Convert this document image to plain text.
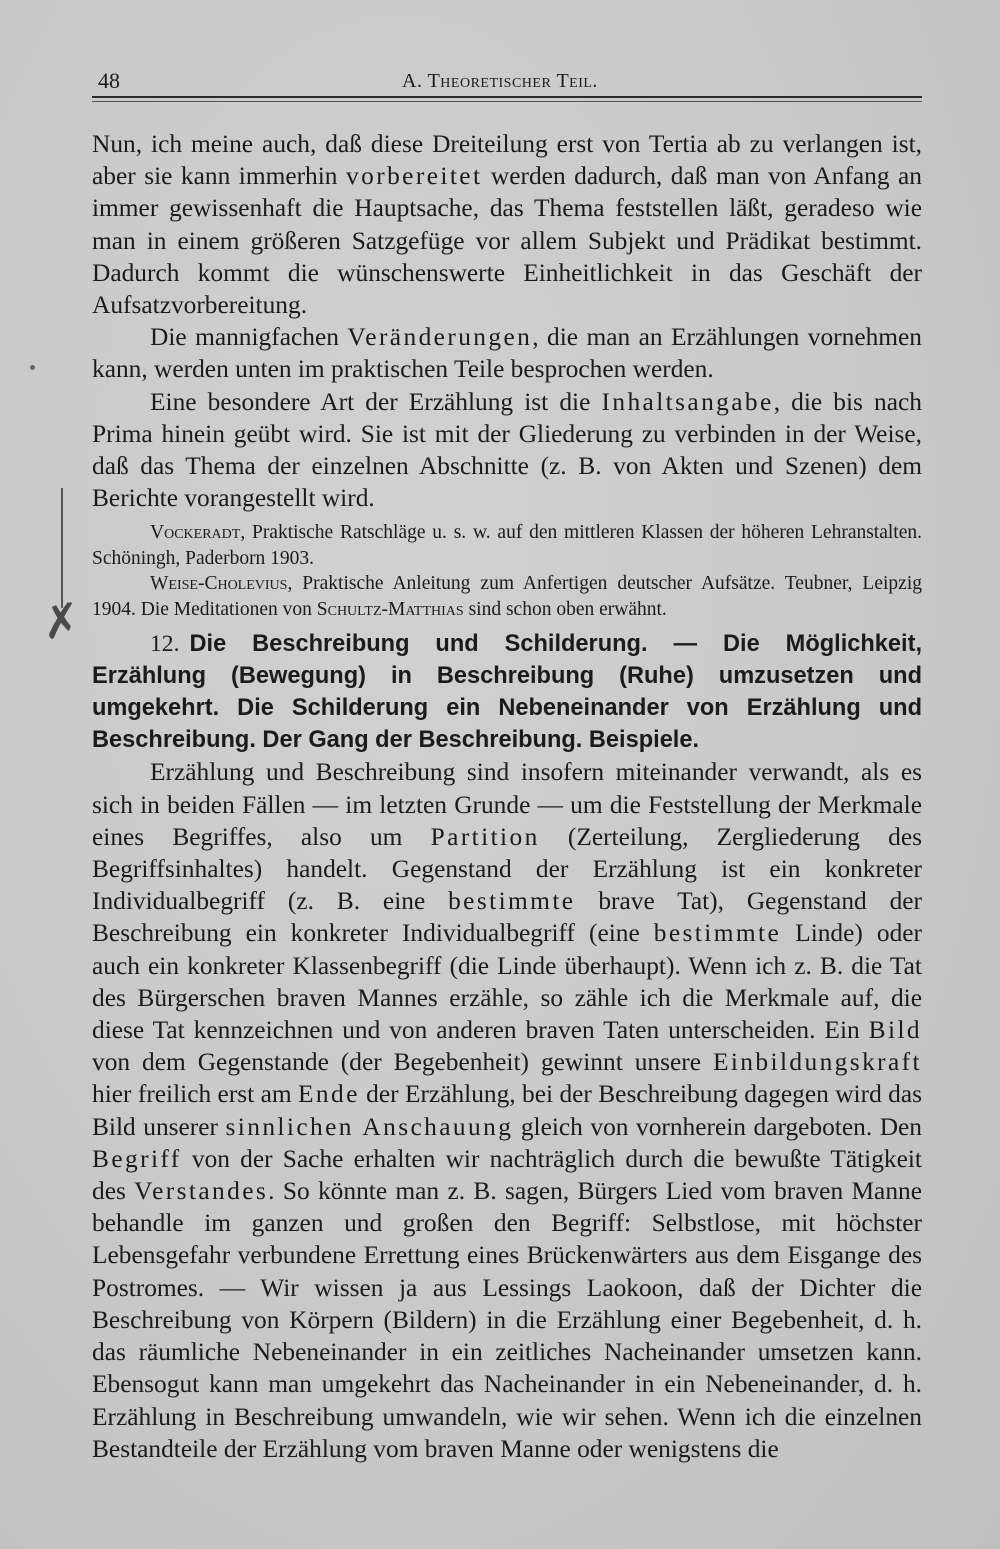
✗
48	A. Theoretischer Teil.

Nun, ich meine auch, daß diese Dreiteilung erst von Tertia ab zu verlangen ist, aber sie kann immerhin vorbereitet werden dadurch, daß man von Anfang an immer gewissenhaft die Hauptsache, das Thema feststellen läßt, geradeso wie man in einem größeren Satzgefüge vor allem Subjekt und Prädikat bestimmt. Dadurch kommt die wünschenswerte Einheitlichkeit in das Geschäft der Aufsatzvorbereitung.

Die mannigfachen Veränderungen, die man an Erzählungen vornehmen kann, werden unten im praktischen Teile besprochen werden.

Eine besondere Art der Erzählung ist die Inhaltsangabe, die bis nach Prima hinein geübt wird. Sie ist mit der Gliederung zu verbinden in der Weise, daß das Thema der einzelnen Abschnitte (z. B. von Akten und Szenen) dem Berichte vorangestellt wird.

Vockeradt, Praktische Ratschläge u. s. w. auf den mittleren Klassen der höheren Lehranstalten. Schöningh, Paderborn 1903.

Weise-Cholevius, Praktische Anleitung zum Anfertigen deutscher Aufsätze. Teubner, Leipzig 1904. Die Meditationen von Schultz-Matthias sind schon oben erwähnt.

12. Die Beschreibung und Schilderung. — Die Möglichkeit, Erzählung (Bewegung) in Beschreibung (Ruhe) umzusetzen und umgekehrt. Die Schilderung ein Nebeneinander von Erzählung und Beschreibung. Der Gang der Beschreibung. Beispiele.

Erzählung und Beschreibung sind insofern miteinander verwandt, als es sich in beiden Fällen — im letzten Grunde — um die Feststellung der Merkmale eines Begriffes, also um Partition (Zerteilung, Zergliederung des Begriffsinhaltes) handelt. Gegenstand der Erzählung ist ein konkreter Individualbegriff (z. B. eine bestimmte brave Tat), Gegenstand der Beschreibung ein konkreter Individualbegriff (eine bestimmte Linde) oder auch ein konkreter Klassenbegriff (die Linde überhaupt). Wenn ich z. B. die Tat des Bürgerschen braven Mannes erzähle, so zähle ich die Merkmale auf, die diese Tat kennzeichnen und von anderen braven Taten unterscheiden. Ein Bild von dem Gegenstande (der Begebenheit) gewinnt unsere Einbildungskraft hier freilich erst am Ende der Erzählung, bei der Beschreibung dagegen wird das Bild unserer sinnlichen Anschauung gleich von vornherein dargeboten. Den Begriff von der Sache erhalten wir nachträglich durch die bewußte Tätigkeit des Verstandes. So könnte man z. B. sagen, Bürgers Lied vom braven Manne behandle im ganzen und großen den Begriff: Selbstlose, mit höchster Lebensgefahr verbundene Errettung eines Brückenwärters aus dem Eisgange des Postromes. — Wir wissen ja aus Lessings Laokoon, daß der Dichter die Beschreibung von Körpern (Bildern) in die Erzählung einer Begebenheit, d. h. das räumliche Nebeneinander in ein zeitliches Nacheinander umsetzen kann. Ebensogut kann man umgekehrt das Nacheinander in ein Nebeneinander, d. h. Erzählung in Beschreibung umwandeln, wie wir sehen. Wenn ich die einzelnen Bestandteile der Erzählung vom braven Manne oder wenigstens die
